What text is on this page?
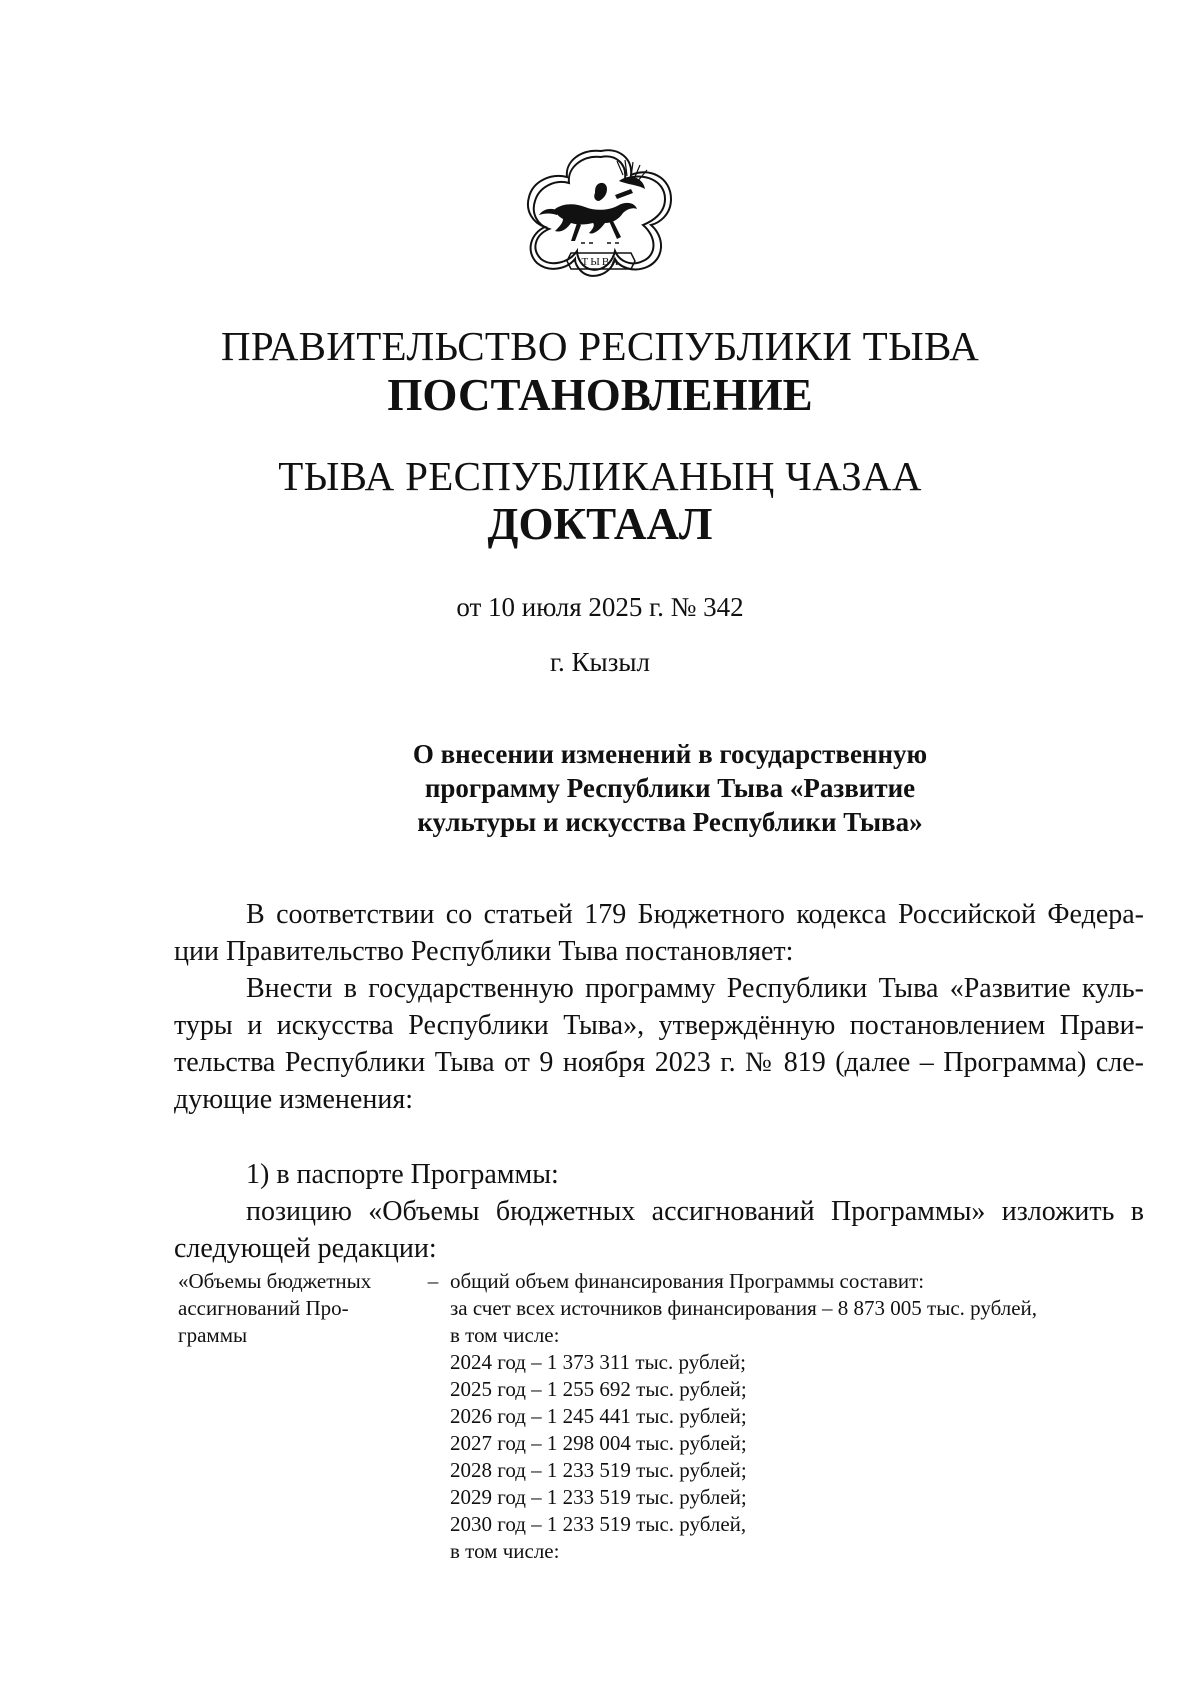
ТЫВА
ПРАВИТЕЛЬСТВО РЕСПУБЛИКИ ТЫВА
ПОСТАНОВЛЕНИЕ
ТЫВА РЕСПУБЛИКАНЫҢ ЧАЗАА
ДОКТААЛ
от 10 июля 2025 г. № 342
г. Кызыл
О внесении изменений в государственную
программу Республики Тыва «Развитие
культуры и искусства Республики Тыва»
В соответствии со статьей 179 Бюджетного кодекса Российской Федера-
ции Правительство Республики Тыва постановляет:
Внести в государственную программу Республики Тыва «Развитие куль-
туры и искусства Республики Тыва», утверждённую постановлением Прави-
тельства Республики Тыва от 9 ноября 2023 г. № 819 (далее – Программа) сле-
дующие изменения:
1) в паспорте Программы:
позицию «Объемы бюджетных ассигнований Программы» изложить в
следующей редакции:
«Объемы бюджетных
ассигнований Про-
граммы
– общий объем финансирования Программы составит:
за счет всех источников финансирования – 8 873 005 тыс. рублей,
в том числе:
2024 год – 1 373 311 тыс. рублей;
2025 год – 1 255 692 тыс. рублей;
2026 год – 1 245 441 тыс. рублей;
2027 год – 1 298 004 тыс. рублей;
2028 год – 1 233 519 тыс. рублей;
2029 год – 1 233 519 тыс. рублей;
2030 год – 1 233 519 тыс. рублей,
в том числе:
